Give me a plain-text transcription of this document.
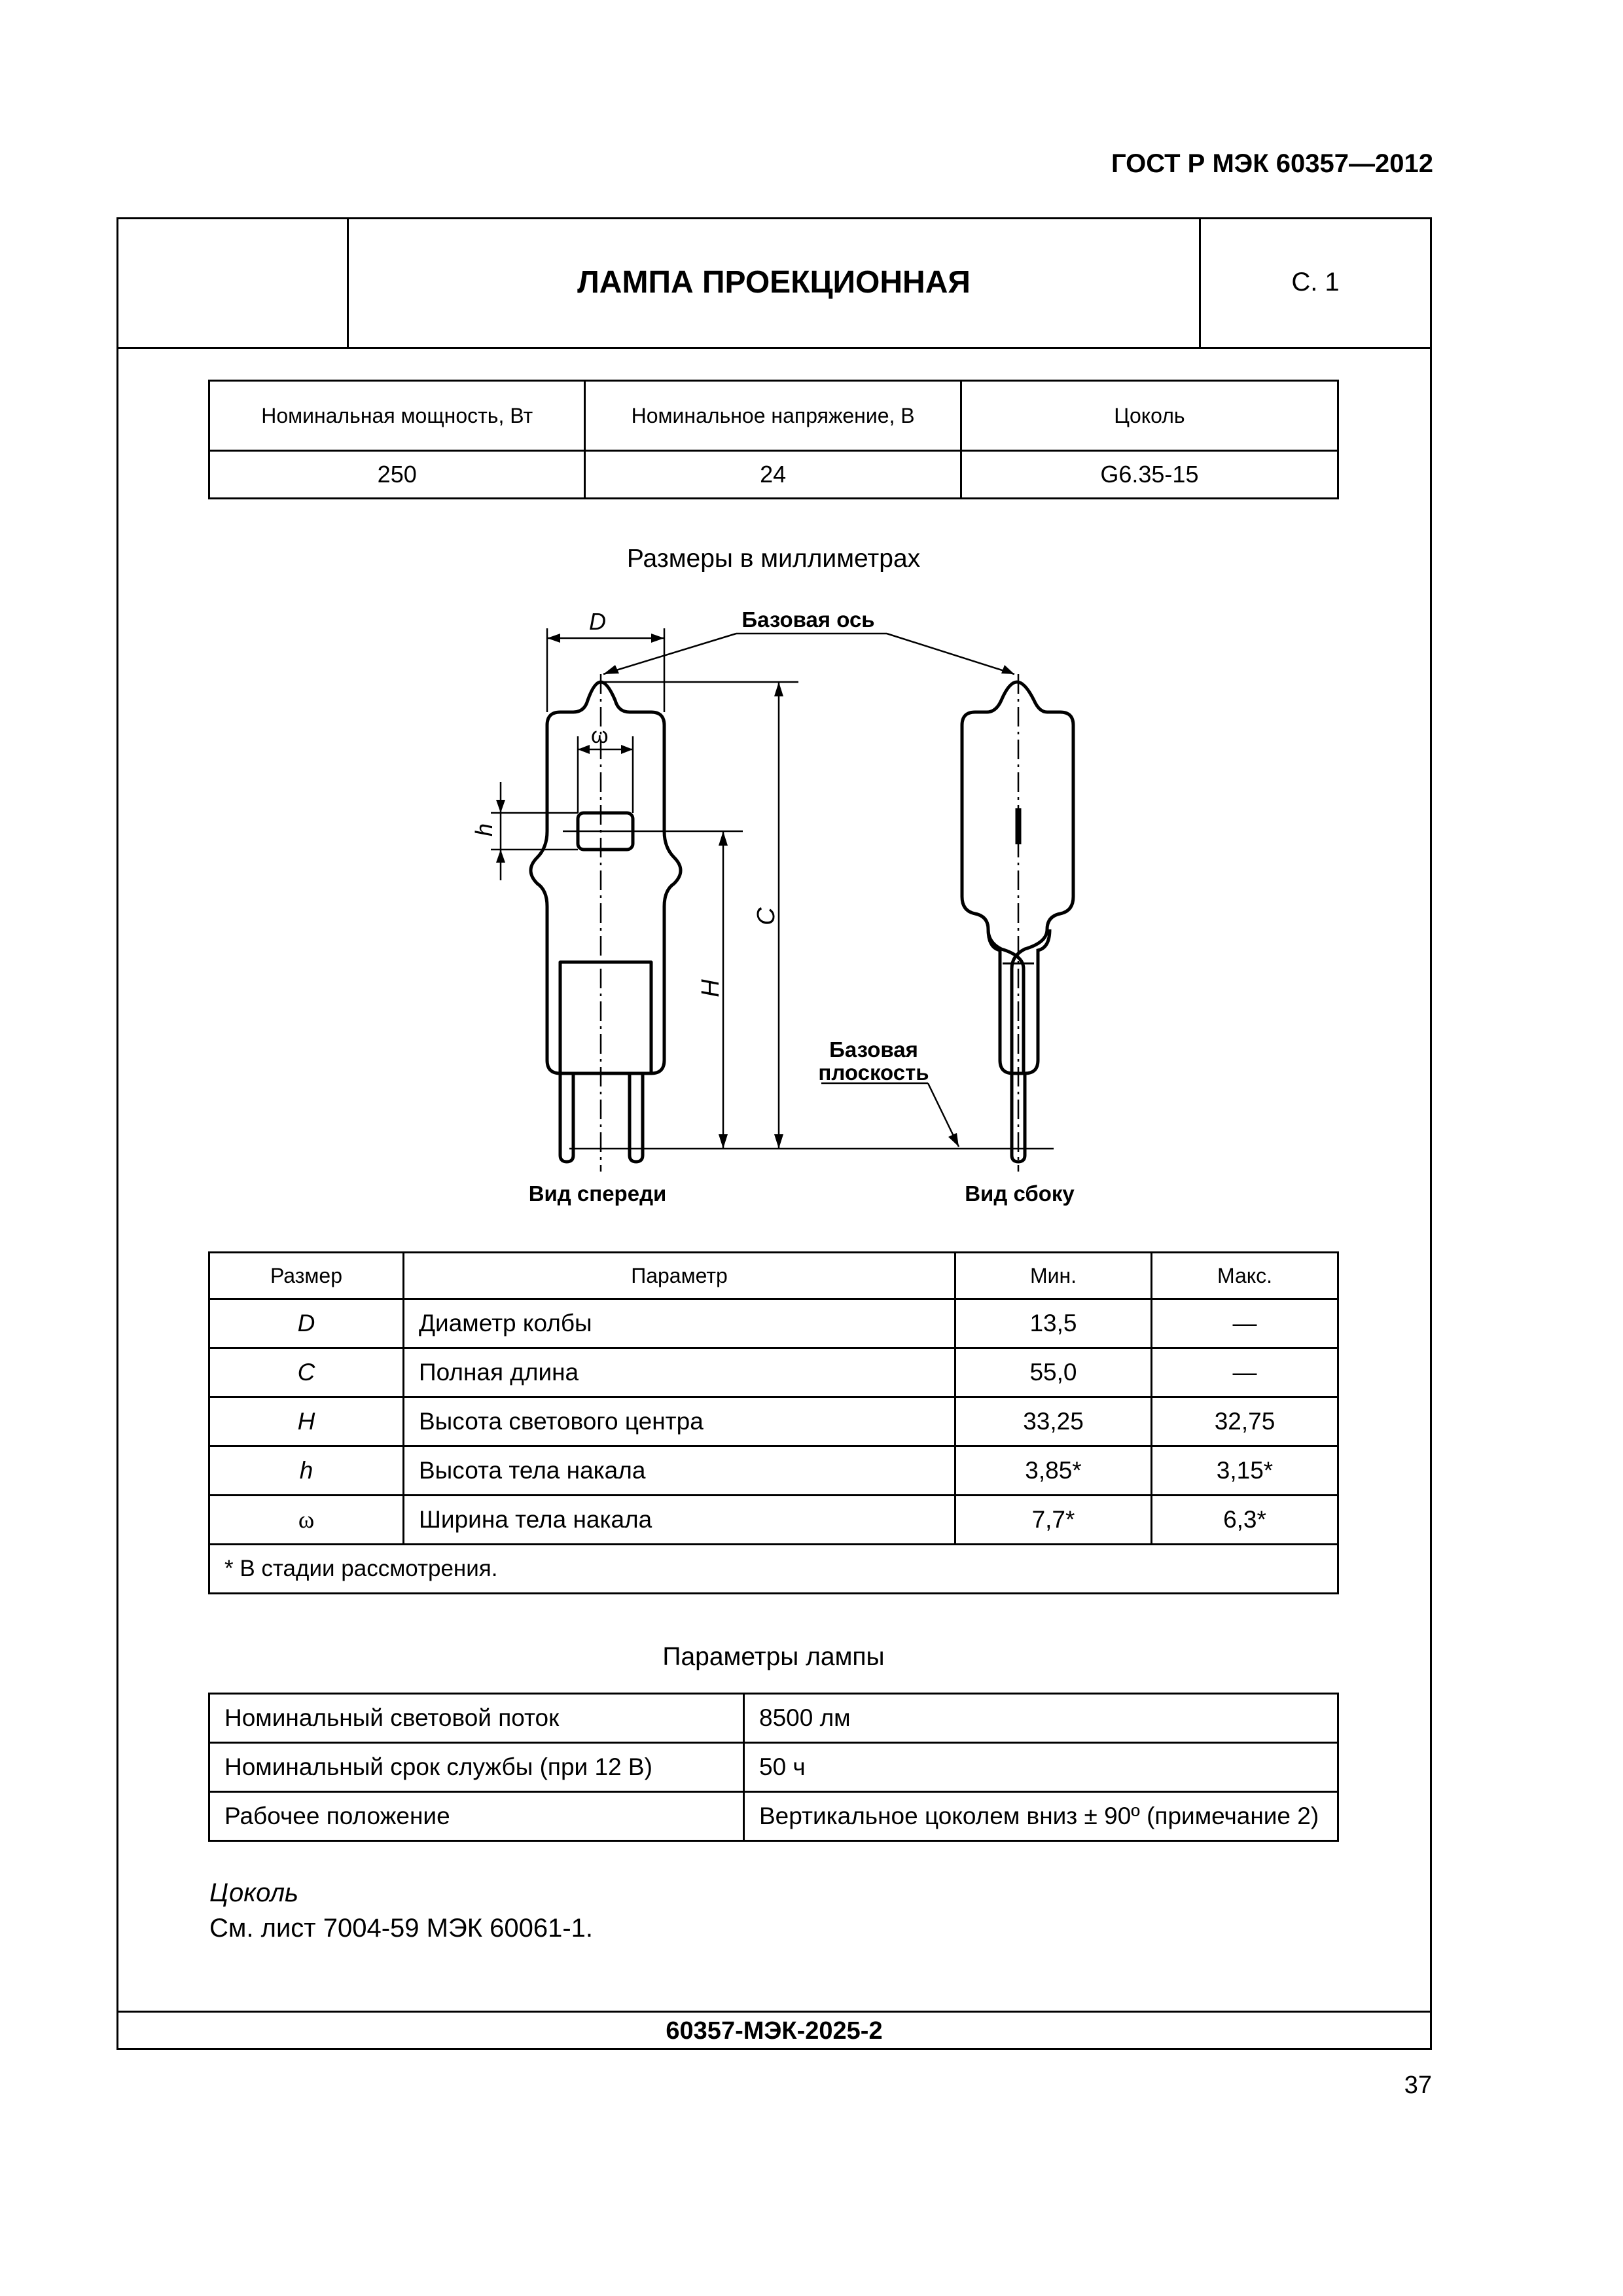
ГОСТ Р МЭК 60357—2012
ЛАМПА ПРОЕКЦИОННАЯ	С. 1
Номинальная мощность, Вт	Номинальное напряжение, В	Цоколь
250	24	G6.35-15
Размеры в миллиметрах
D
ω
h
H
C
Базовая ось
Базовая
плоскость
Вид спереди	Вид сбоку
Размер	Параметр	Мин.	Макс.
D	Диаметр колбы	13,5	—
C	Полная длина	55,0	—
H	Высота светового центра	33,25	32,75
h	Высота тела накала	3,85*	3,15*
ω	Ширина тела накала	7,7*	6,3*
* В стадии рассмотрения.			
Параметры лампы
Номинальный световой поток	8500 лм
Номинальный срок службы (при 12 В)	50 ч
Рабочее положение	Вертикальное цоколем вниз ± 90º (примечание 2)
Цоколь
См. лист 7004-59 МЭК 60061-1.
60357-МЭК-2025-2
37
